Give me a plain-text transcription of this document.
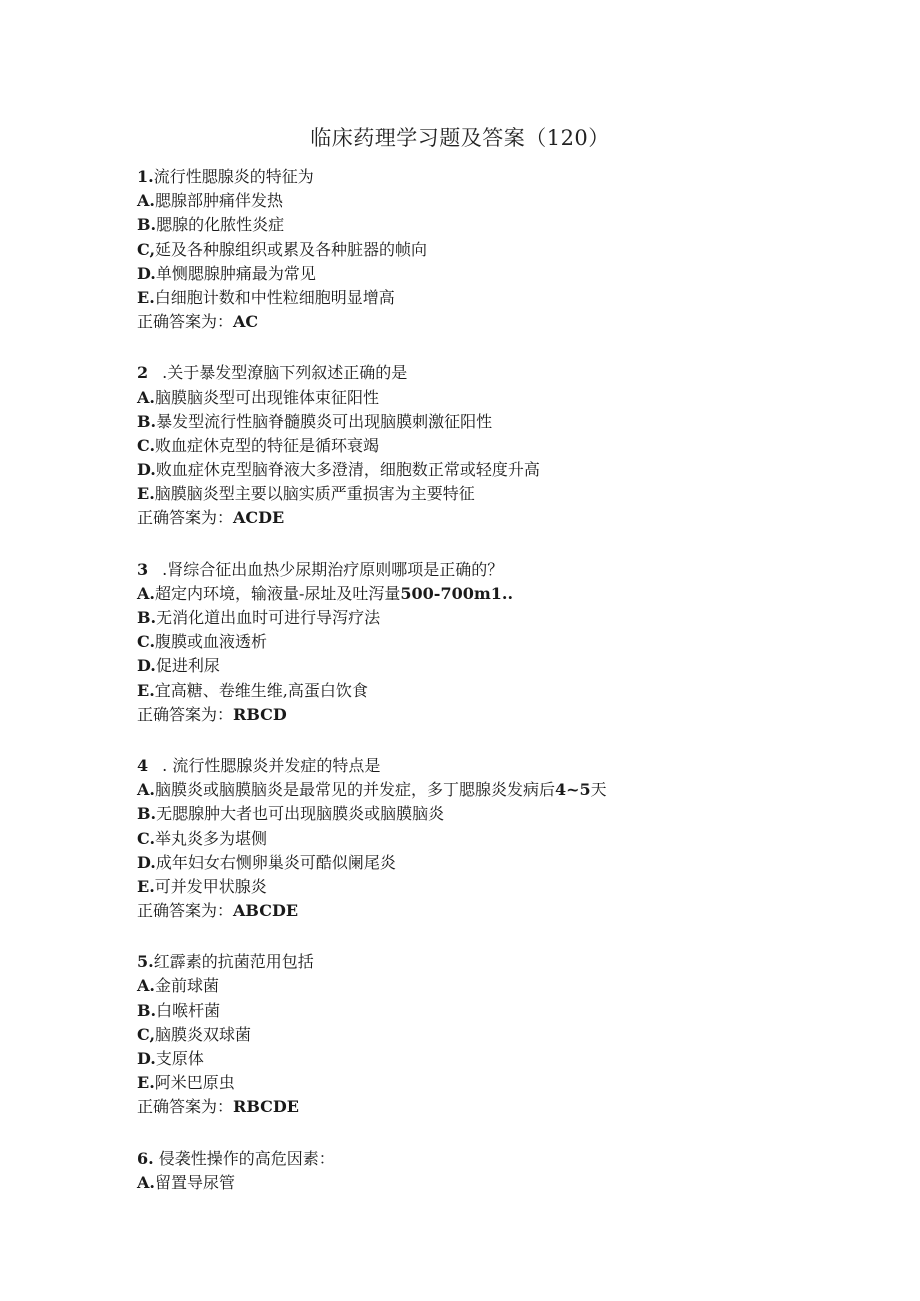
临床药理学习题及答案（120）
1.流行性腮腺炎的特征为
A.腮腺部肿痛伴发热
B.腮腺的化脓性炎症
C,延及各种腺组织或累及各种脏器的帧向
D.单恻腮腺肿痛最为常见
E.白细胞计数和中性粒细胞明显增高
正确答案为：AC
2 .关于暴发型潦脑下列叙述正确的是
A.脑膜脑炎型可出现锥体束征阳性
B.暴发型流行性脑脊髓膜炎可出现脑膜刺激征阳性
C.败血症休克型的特征是循环衰竭
D.败血症休克型脑脊液大多澄清，细胞数正常或轻度升高
E.脑膜脑炎型主要以脑实质严重损害为主要特征
正确答案为：ACDE
3 .肾综合征出血热少尿期治疗原则哪项是正确的？
A.超定内环境，输液量-尿址及吐泻量500-700m1..
B.无消化道出血时可进行导泻疗法
C.腹膜或血液透析
D.促进利尿
E.宜高糖、卷维生维,高蛋白饮食
正确答案为：RBCD
4 . 流行性腮腺炎并发症的特点是
A.脑膜炎或脑膜脑炎是最常见的并发症，多丁腮腺炎发病后4~5天
B.无腮腺肿大者也可出现脑膜炎或脑膜脑炎
C.举丸炎多为堪侧
D.成年妇女右恻卵巢炎可酷似阑尾炎
E.可并发甲状腺炎
正确答案为：ABCDE
5.红霹素的抗菌范用包括
A.金前球菌
B.白喉杆菌
C,脑膜炎双球菌
D.支原体
E.阿米巴原虫
正确答案为：RBCDE
6. 侵袭性操作的高危因素：
A.留置导尿管
